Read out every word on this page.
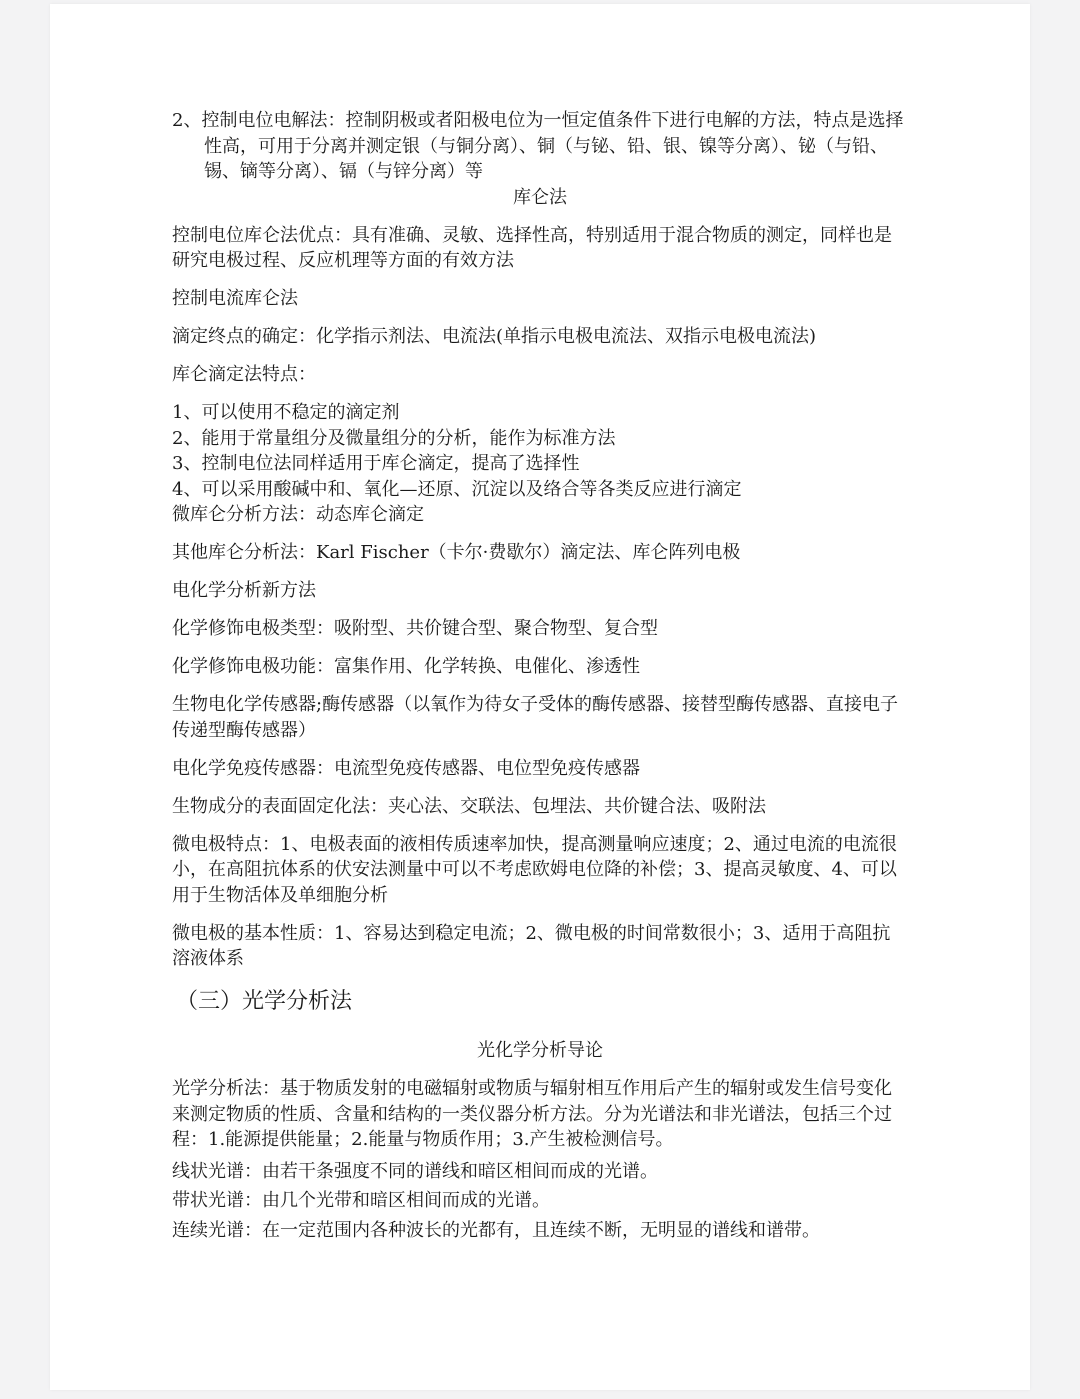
2、控制电位电解法：控制阴极或者阳极电位为一恒定值条件下进行电解的方法，特点是选择性高，可用于分离并测定银（与铜分离）、铜（与铋、铅、银、镍等分离）、铋（与铅、锡、镝等分离）、镉（与锌分离）等
库仑法
控制电位库仑法优点：具有准确、灵敏、选择性高，特别适用于混合物质的测定，同样也是研究电极过程、反应机理等方面的有效方法
控制电流库仑法
滴定终点的确定：化学指示剂法、电流法(单指示电极电流法、双指示电极电流法)
库仑滴定法特点：
1、可以使用不稳定的滴定剂
2、能用于常量组分及微量组分的分析，能作为标准方法
3、控制电位法同样适用于库仑滴定，提高了选择性
4、可以采用酸碱中和、氧化—还原、沉淀以及络合等各类反应进行滴定
微库仑分析方法：动态库仑滴定
其他库仑分析法：Karl Fischer（卡尔·费歇尔）滴定法、库仑阵列电极
电化学分析新方法
化学修饰电极类型：吸附型、共价键合型、聚合物型、复合型
化学修饰电极功能：富集作用、化学转换、电催化、渗透性
生物电化学传感器;酶传感器（以氧作为待女子受体的酶传感器、接替型酶传感器、直接电子传递型酶传感器）
电化学免疫传感器：电流型免疫传感器、电位型免疫传感器
生物成分的表面固定化法：夹心法、交联法、包埋法、共价键合法、吸附法
微电极特点：1、电极表面的液相传质速率加快，提高测量响应速度；2、通过电流的电流很小，在高阻抗体系的伏安法测量中可以不考虑欧姆电位降的补偿；3、提高灵敏度、4、可以用于生物活体及单细胞分析
微电极的基本性质：1、容易达到稳定电流；2、微电极的时间常数很小；3、适用于高阻抗溶液体系
（三）光学分析法
光化学分析导论
光学分析法：基于物质发射的电磁辐射或物质与辐射相互作用后产生的辐射或发生信号变化来测定物质的性质、含量和结构的一类仪器分析方法。分为光谱法和非光谱法，包括三个过程：1.能源提供能量；2.能量与物质作用；3.产生被检测信号。
线状光谱：由若干条强度不同的谱线和暗区相间而成的光谱。
带状光谱：由几个光带和暗区相间而成的光谱。
连续光谱：在一定范围内各种波长的光都有，且连续不断，无明显的谱线和谱带。
